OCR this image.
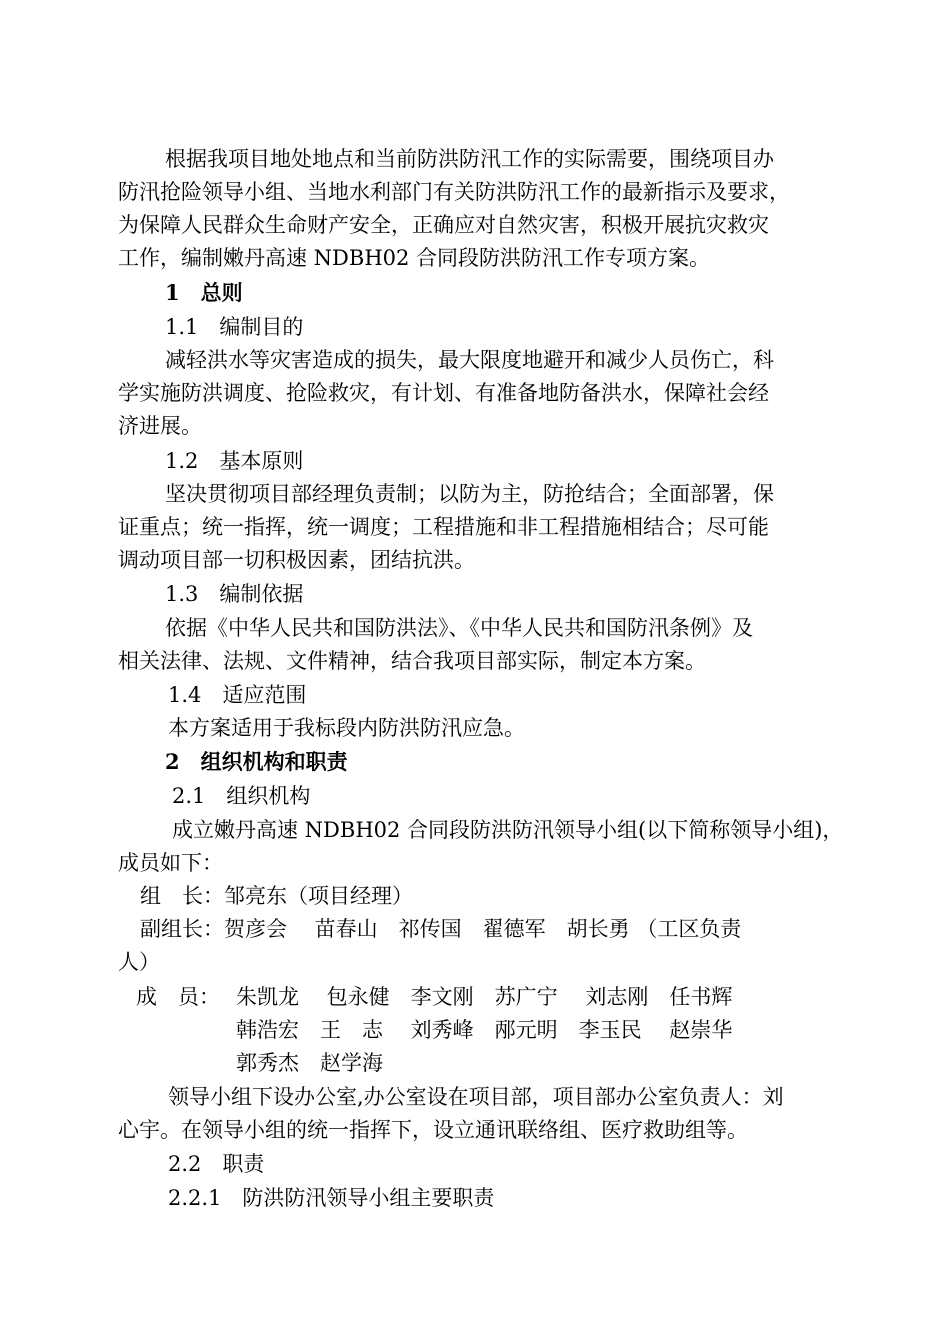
根据我项目地处地点和当前防洪防汛工作的实际需要，围绕项目办
防汛抢险领导小组、当地水利部门有关防洪防汛工作的最新指示及要求，
为保障人民群众生命财产安全，正确应对自然灾害，积极开展抗灾救灾
工作，编制嫩丹高速 NDBH02 合同段防洪防汛工作专项方案。
1　总则
1.1　编制目的
减轻洪水等灾害造成的损失，最大限度地避开和减少人员伤亡，科
学实施防洪调度、抢险救灾，有计划、有准备地防备洪水，保障社会经
济进展。
1.2　基本原则
坚决贯彻项目部经理负责制；以防为主，防抢结合；全面部署，保
证重点；统一指挥，统一调度；工程措施和非工程措施相结合；尽可能
调动项目部一切积极因素，团结抗洪。
1.3　编制依据
依据《中华人民共和国防洪法》、《中华人民共和国防汛条例》及
相关法律、法规、文件精神，结合我项目部实际，制定本方案。
1.4　适应范围
本方案适用于我标段内防洪防汛应急。
2　组织机构和职责
2.1　组织机构
成立嫩丹高速 NDBH02 合同段防洪防汛领导小组(以下简称领导小组)，
成员如下：
组　长：邹亮东（项目经理）
副组长：贺彦会　 苗春山　祁传国　翟德军　胡长勇 （工区负责
人）
成　员： 朱凯龙　 包永健　李文刚　苏广宁　 刘志刚　任书辉
韩浩宏　王　志　 刘秀峰　邴元明　李玉民　 赵崇华
郭秀杰　赵学海
领导小组下设办公室,办公室设在项目部，项目部办公室负责人：刘
心宇。在领导小组的统一指挥下，设立通讯联络组、医疗救助组等。
2.2　职责
2.2.1　防洪防汛领导小组主要职责
